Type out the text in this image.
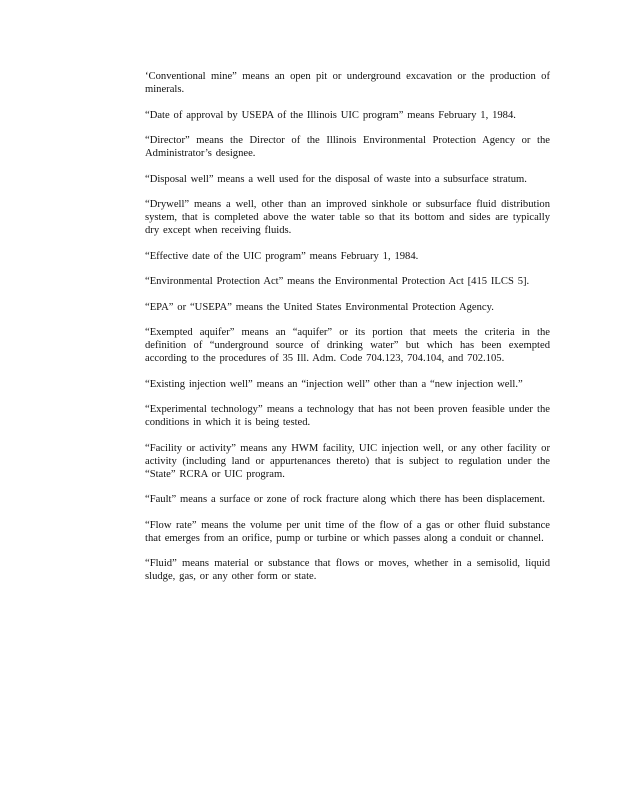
‘Conventional mine” means an open pit or underground excavation or the production of minerals.

“Date of approval by USEPA of the Illinois UIC program” means February 1, 1984.

“Director” means the Director of the Illinois Environmental Protection Agency or the Administrator’s designee.

“Disposal well” means a well used for the disposal of waste into a subsurface stratum.

“Drywell” means a well, other than an improved sinkhole or subsurface fluid distribution system, that is completed above the water table so that its bottom and sides are typically dry except when receiving fluids.

“Effective date of the UIC program” means February 1, 1984.

“Environmental Protection Act” means the Environmental Protection Act [415 ILCS 5].

“EPA” or “USEPA” means the United States Environmental Protection Agency.

“Exempted aquifer” means an “aquifer” or its portion that meets the criteria in the definition of “underground source of drinking water” but which has been exempted according to the procedures of 35 Ill. Adm. Code 704.123, 704.104, and 702.105.

“Existing injection well” means an “injection well” other than a “new injection well.”

“Experimental technology” means a technology that has not been proven feasible under the conditions in which it is being tested.

“Facility or activity” means any HWM facility, UIC injection well, or any other facility or activity (including land or appurtenances thereto) that is subject to regulation under the “State” RCRA or UIC program.

“Fault” means a surface or zone of rock fracture along which there has been displacement.

“Flow rate” means the volume per unit time of the flow of a gas or other fluid substance that emerges from an orifice, pump or turbine or which passes along a conduit or channel.

“Fluid” means material or substance that flows or moves, whether in a semisolid, liquid sludge, gas, or any other form or state.
